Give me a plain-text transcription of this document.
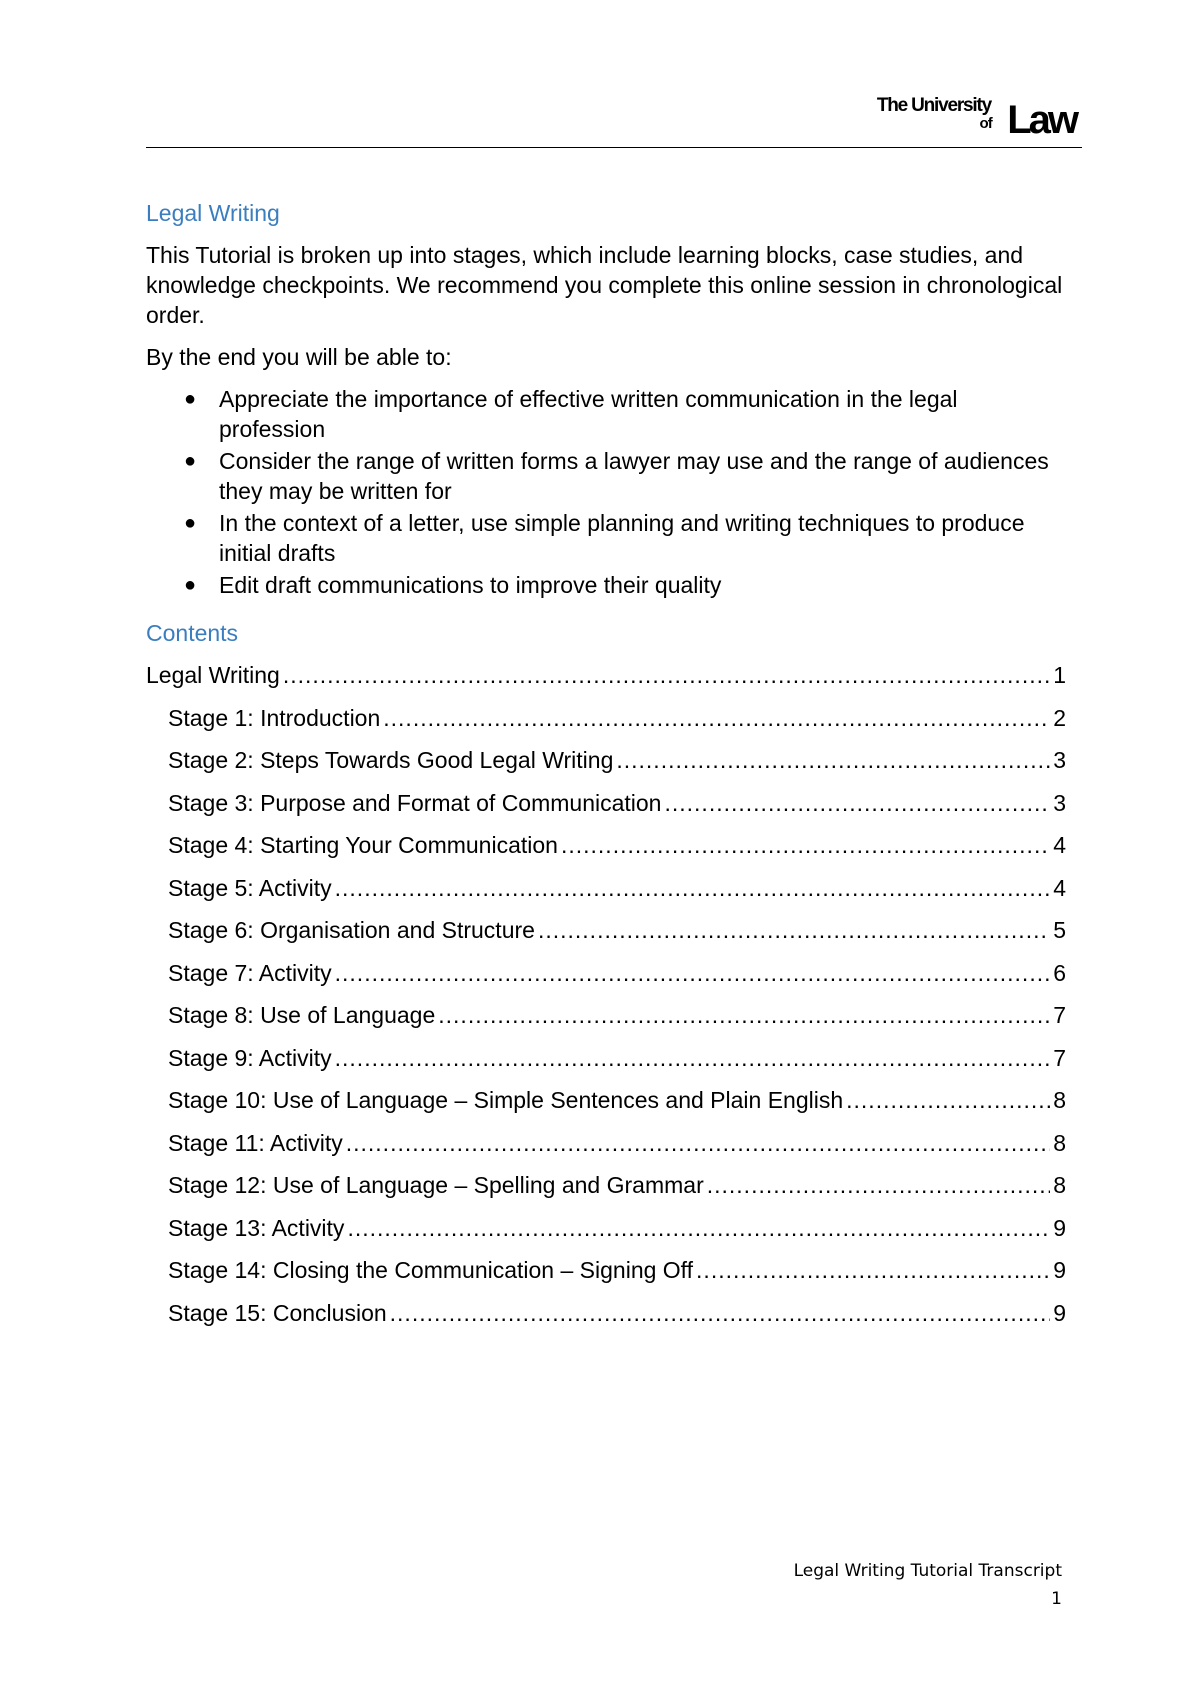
The University
of Law

Legal Writing

This Tutorial is broken up into stages, which include learning blocks, case studies, and knowledge checkpoints. We recommend you complete this online session in chronological order.

By the end you will be able to:

● Appreciate the importance of effective written communication in the legal profession
● Consider the range of written forms a lawyer may use and the range of audiences they may be written for
● In the context of a letter, use simple planning and writing techniques to produce initial drafts
● Edit draft communications to improve their quality

Contents

Legal Writing .....	1
Stage 1: Introduction .....	2
Stage 2: Steps Towards Good Legal Writing .....	3
Stage 3: Purpose and Format of Communication .....	3
Stage 4: Starting Your Communication .....	4
Stage 5: Activity .....	4
Stage 6: Organisation and Structure .....	5
Stage 7: Activity .....	6
Stage 8: Use of Language .....	7
Stage 9: Activity .....	7
Stage 10: Use of Language – Simple Sentences and Plain English .....	8
Stage 11: Activity .....	8
Stage 12: Use of Language – Spelling and Grammar .....	8
Stage 13: Activity .....	9
Stage 14: Closing the Communication – Signing Off .....	9
Stage 15: Conclusion .....	9
Legal Writing Tutorial Transcript
1
